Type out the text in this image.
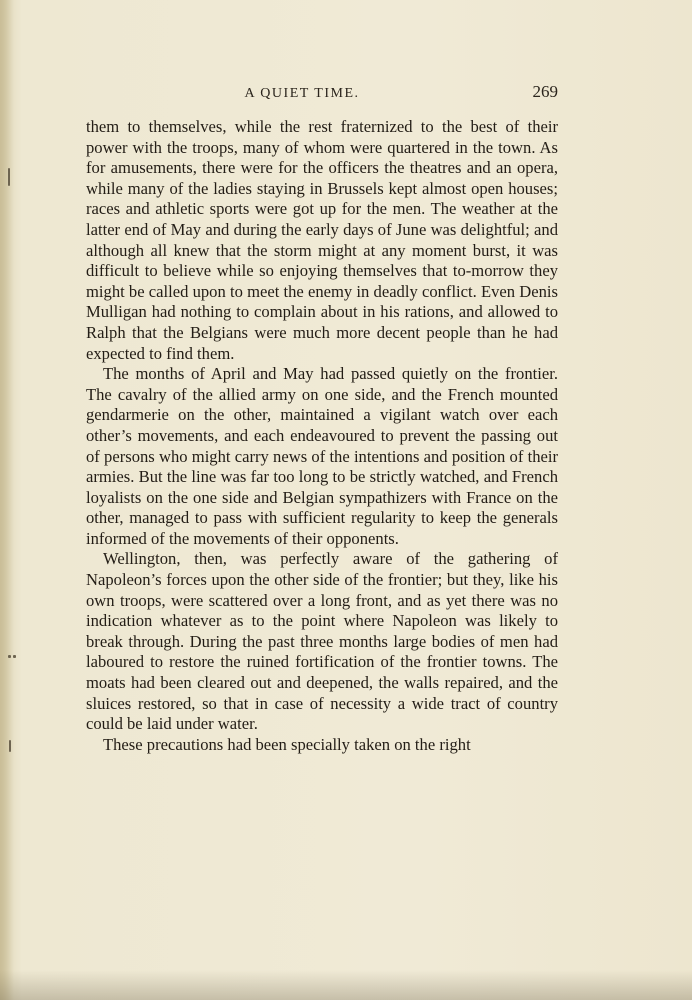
A QUIET TIME.	269

them to themselves, while the rest fraternized to the best of their power with the troops, many of whom were quartered in the town. As for amusements, there were for the officers the theatres and an opera, while many of the ladies staying in Brussels kept almost open houses; races and athletic sports were got up for the men. The weather at the latter end of May and during the early days of June was delightful; and although all knew that the storm might at any moment burst, it was difficult to believe while so enjoying themselves that to-morrow they might be called upon to meet the enemy in deadly conflict. Even Denis Mulligan had nothing to complain about in his rations, and allowed to Ralph that the Belgians were much more decent people than he had expected to find them.

The months of April and May had passed quietly on the frontier. The cavalry of the allied army on one side, and the French mounted gendarmerie on the other, maintained a vigilant watch over each other’s movements, and each endeavoured to prevent the passing out of persons who might carry news of the intentions and position of their armies. But the line was far too long to be strictly watched, and French loyalists on the one side and Belgian sympathizers with France on the other, managed to pass with sufficient regularity to keep the generals informed of the movements of their opponents.

Wellington, then, was perfectly aware of the gathering of Napoleon’s forces upon the other side of the frontier; but they, like his own troops, were scattered over a long front, and as yet there was no indication whatever as to the point where Napoleon was likely to break through. During the past three months large bodies of men had laboured to restore the ruined fortification of the frontier towns. The moats had been cleared out and deepened, the walls repaired, and the sluices restored, so that in case of necessity a wide tract of country could be laid under water.

These precautions had been specially taken on the right
